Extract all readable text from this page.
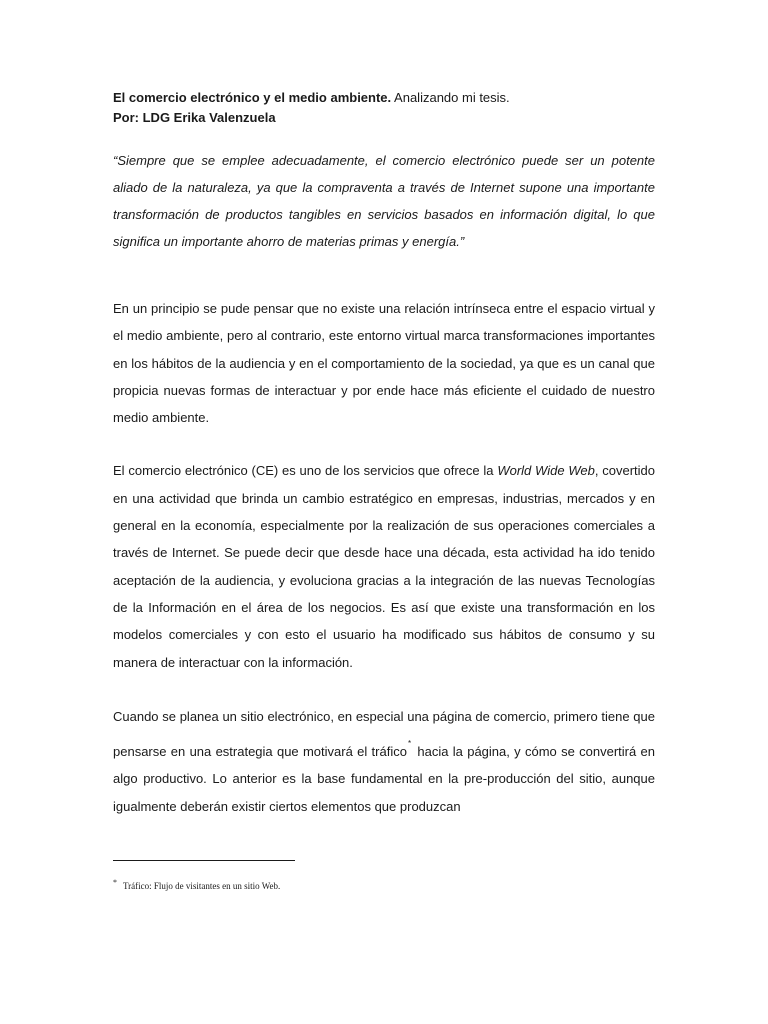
El comercio electrónico y el medio ambiente. Analizando mi tesis.

Por: LDG Erika Valenzuela

“Siempre que se emplee adecuadamente, el comercio electrónico puede ser un potente aliado de la naturaleza, ya que la compraventa a través de Internet supone una importante transformación de productos tangibles en servicios basados en información digital, lo que significa un importante ahorro de materias primas y energía.”
En un principio se pude pensar que no existe una relación intrínseca entre el espacio virtual y el medio ambiente, pero al contrario, este entorno virtual marca transformaciones importantes en los hábitos de la audiencia y en el comportamiento de la sociedad, ya que es un canal que propicia nuevas formas de interactuar y por ende hace más eficiente el cuidado de nuestro medio ambiente.
El comercio electrónico (CE) es uno de los servicios que ofrece la World Wide Web, covertido en una actividad que brinda un cambio estratégico en empresas, industrias, mercados y en general en la economía, especialmente por la realización de sus operaciones comerciales a través de Internet. Se puede decir que desde hace una década, esta actividad ha ido tenido aceptación de la audiencia, y evoluciona gracias a la integración de las nuevas Tecnologías de la Información en el área de los negocios. Es así que existe una transformación en los modelos comerciales y con esto el usuario ha modificado sus hábitos de consumo y su manera de interactuar con la información.
Cuando se planea un sitio electrónico, en especial una página de comercio, primero tiene que pensarse en una estrategia que motivará el tráfico* hacia la página, y cómo se convertirá en algo productivo. Lo anterior es la base fundamental en la pre-producción del sitio, aunque igualmente deberán existir ciertos elementos que produzcan
* Tráfico: Flujo de visitantes en un sitio Web.
